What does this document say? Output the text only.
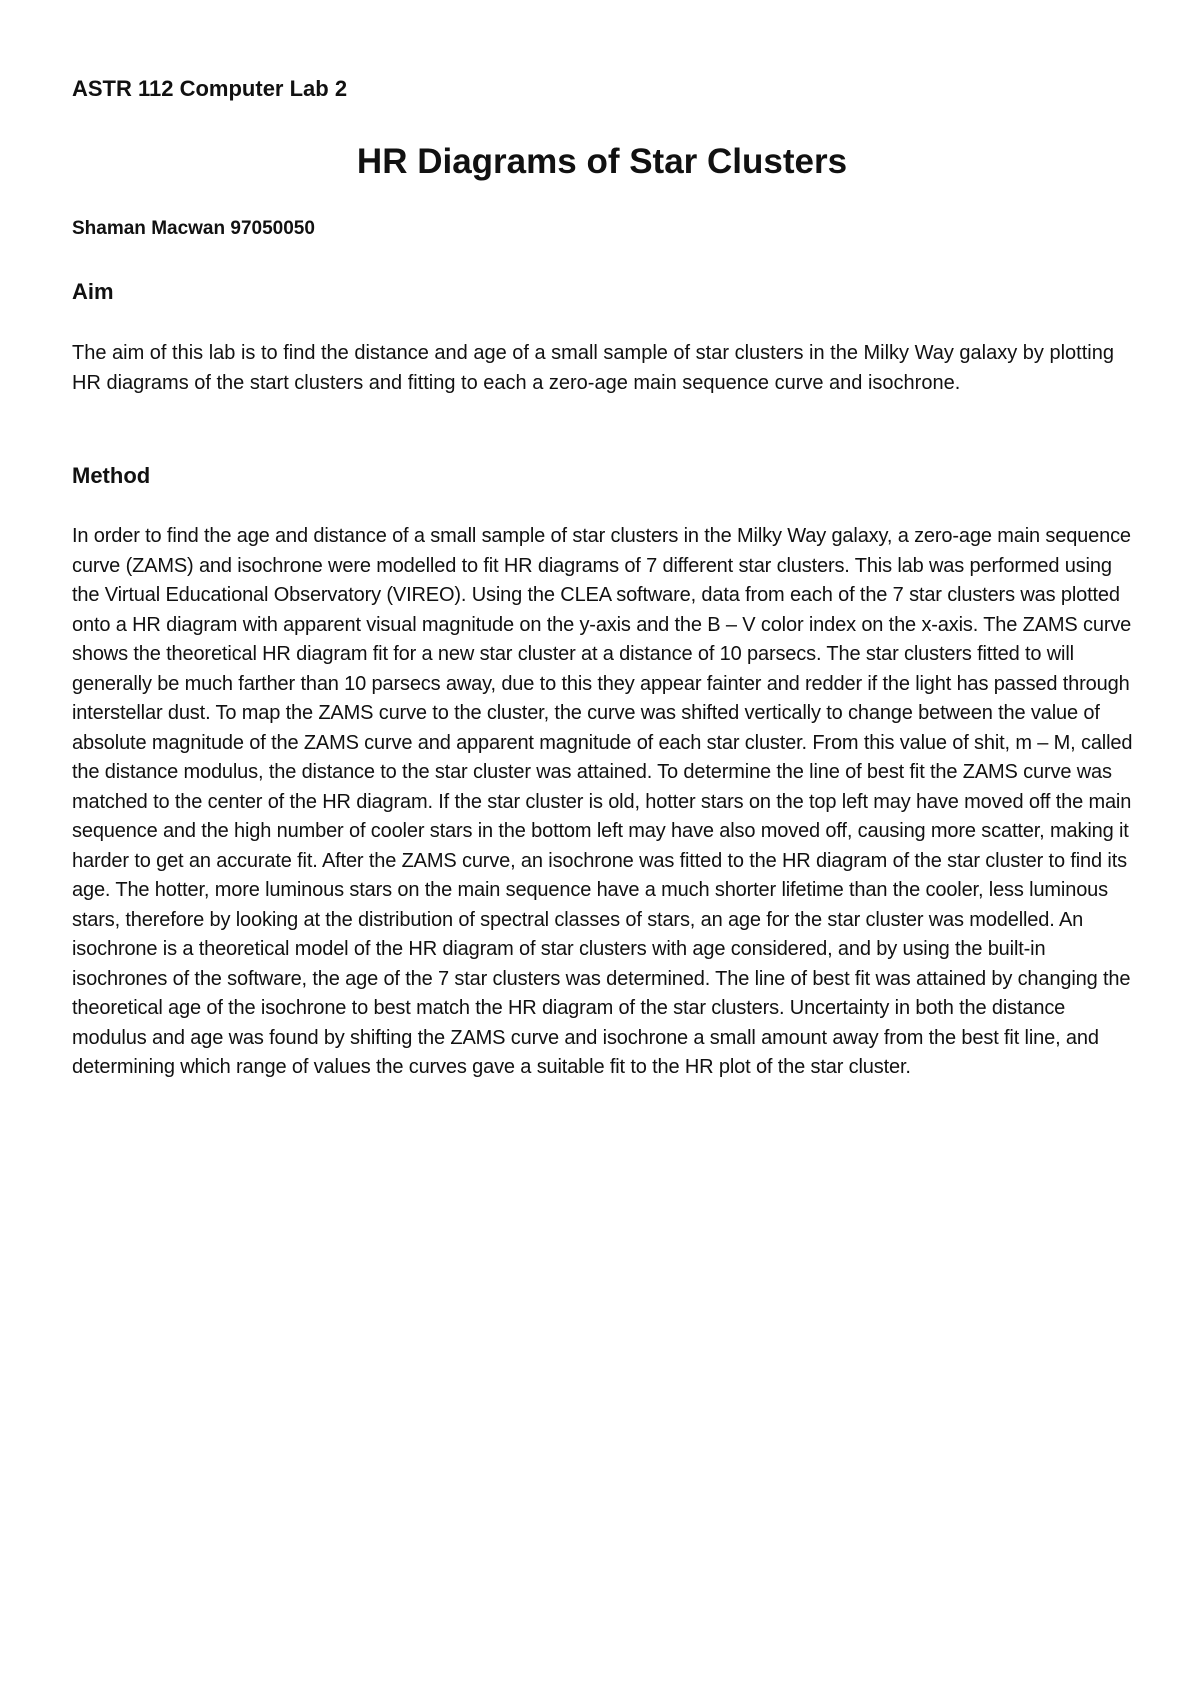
ASTR 112 Computer Lab 2

HR Diagrams of Star Clusters

Shaman Macwan 97050050

Aim

The aim of this lab is to find the distance and age of a small sample of star clusters in the Milky Way galaxy by plotting HR diagrams of the start clusters and fitting to each a zero-age main sequence curve and isochrone.

Method

In order to find the age and distance of a small sample of star clusters in the Milky Way galaxy, a zero-age main sequence curve (ZAMS) and isochrone were modelled to fit HR diagrams of 7 different star clusters. This lab was performed using the Virtual Educational Observatory (VIREO). Using the CLEA software, data from each of the 7 star clusters was plotted onto a HR diagram with apparent visual magnitude on the y-axis and the B – V color index on the x-axis. The ZAMS curve shows the theoretical HR diagram fit for a new star cluster at a distance of 10 parsecs. The star clusters fitted to will generally be much farther than 10 parsecs away, due to this they appear fainter and redder if the light has passed through interstellar dust. To map the ZAMS curve to the cluster, the curve was shifted vertically to change between the value of absolute magnitude of the ZAMS curve and apparent magnitude of each star cluster. From this value of shit, m – M, called the distance modulus, the distance to the star cluster was attained. To determine the line of best fit the ZAMS curve was matched to the center of the HR diagram. If the star cluster is old, hotter stars on the top left may have moved off the main sequence and the high number of cooler stars in the bottom left may have also moved off, causing more scatter, making it harder to get an accurate fit. After the ZAMS curve, an isochrone was fitted to the HR diagram of the star cluster to find its age. The hotter, more luminous stars on the main sequence have a much shorter lifetime than the cooler, less luminous stars, therefore by looking at the distribution of spectral classes of stars, an age for the star cluster was modelled. An isochrone is a theoretical model of the HR diagram of star clusters with age considered, and by using the built-in isochrones of the software, the age of the 7 star clusters was determined. The line of best fit was attained by changing the theoretical age of the isochrone to best match the HR diagram of the star clusters. Uncertainty in both the distance modulus and age was found by shifting the ZAMS curve and isochrone a small amount away from the best fit line, and determining which range of values the curves gave a suitable fit to the HR plot of the star cluster.
